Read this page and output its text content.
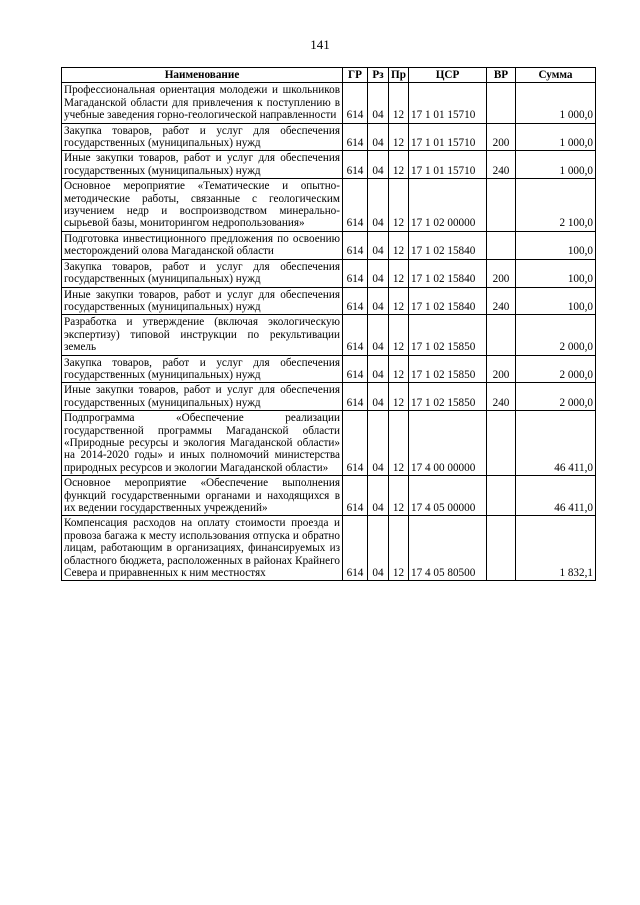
141
Наименование	ГР	Рз	Пр	ЦСР	ВР	Сумма
Профессиональная ориентация молодежи и школьников Магаданской области для привлечения к поступлению в учебные заведения горно-геологической направленности	614	04	12	17 1 01 15710		1 000,0
Закупка товаров, работ и услуг для обеспечения государственных (муниципальных) нужд	614	04	12	17 1 01 15710	200	1 000,0
Иные закупки товаров, работ и услуг для обеспечения государственных (муниципальных) нужд	614	04	12	17 1 01 15710	240	1 000,0
Основное мероприятие «Тематические и опытно-методические работы, связанные с геологическим изучением недр и воспроизводством минерально-сырьевой базы, мониторингом недропользования»	614	04	12	17 1 02 00000		2 100,0
Подготовка инвестиционного предложения по освоению месторождений олова Магаданской области	614	04	12	17 1 02 15840		100,0
Закупка товаров, работ и услуг для обеспечения государственных (муниципальных) нужд	614	04	12	17 1 02 15840	200	100,0
Иные закупки товаров, работ и услуг для обеспечения государственных (муниципальных) нужд	614	04	12	17 1 02 15840	240	100,0
Разработка и утверждение (включая экологическую экспертизу) типовой инструкции по рекультивации земель	614	04	12	17 1 02 15850		2 000,0
Закупка товаров, работ и услуг для обеспечения государственных (муниципальных) нужд	614	04	12	17 1 02 15850	200	2 000,0
Иные закупки товаров, работ и услуг для обеспечения государственных (муниципальных) нужд	614	04	12	17 1 02 15850	240	2 000,0
Подпрограмма «Обеспечение реализации государственной программы Магаданской области «Природные ресурсы и экология Магаданской области» на 2014-2020 годы» и иных полномочий министерства природных ресурсов и экологии Магаданской области»	614	04	12	17 4 00 00000		46 411,0
Основное мероприятие «Обеспечение выполнения функций государственными органами и находящихся в их ведении государственных учреждений»	614	04	12	17 4 05 00000		46 411,0
Компенсация расходов на оплату стоимости проезда и провоза багажа к месту использования отпуска и обратно лицам, работающим в организациях, финансируемых из областного бюджета, расположенных в районах Крайнего Севера и приравненных к ним местностях	614	04	12	17 4 05 80500		1 832,1
